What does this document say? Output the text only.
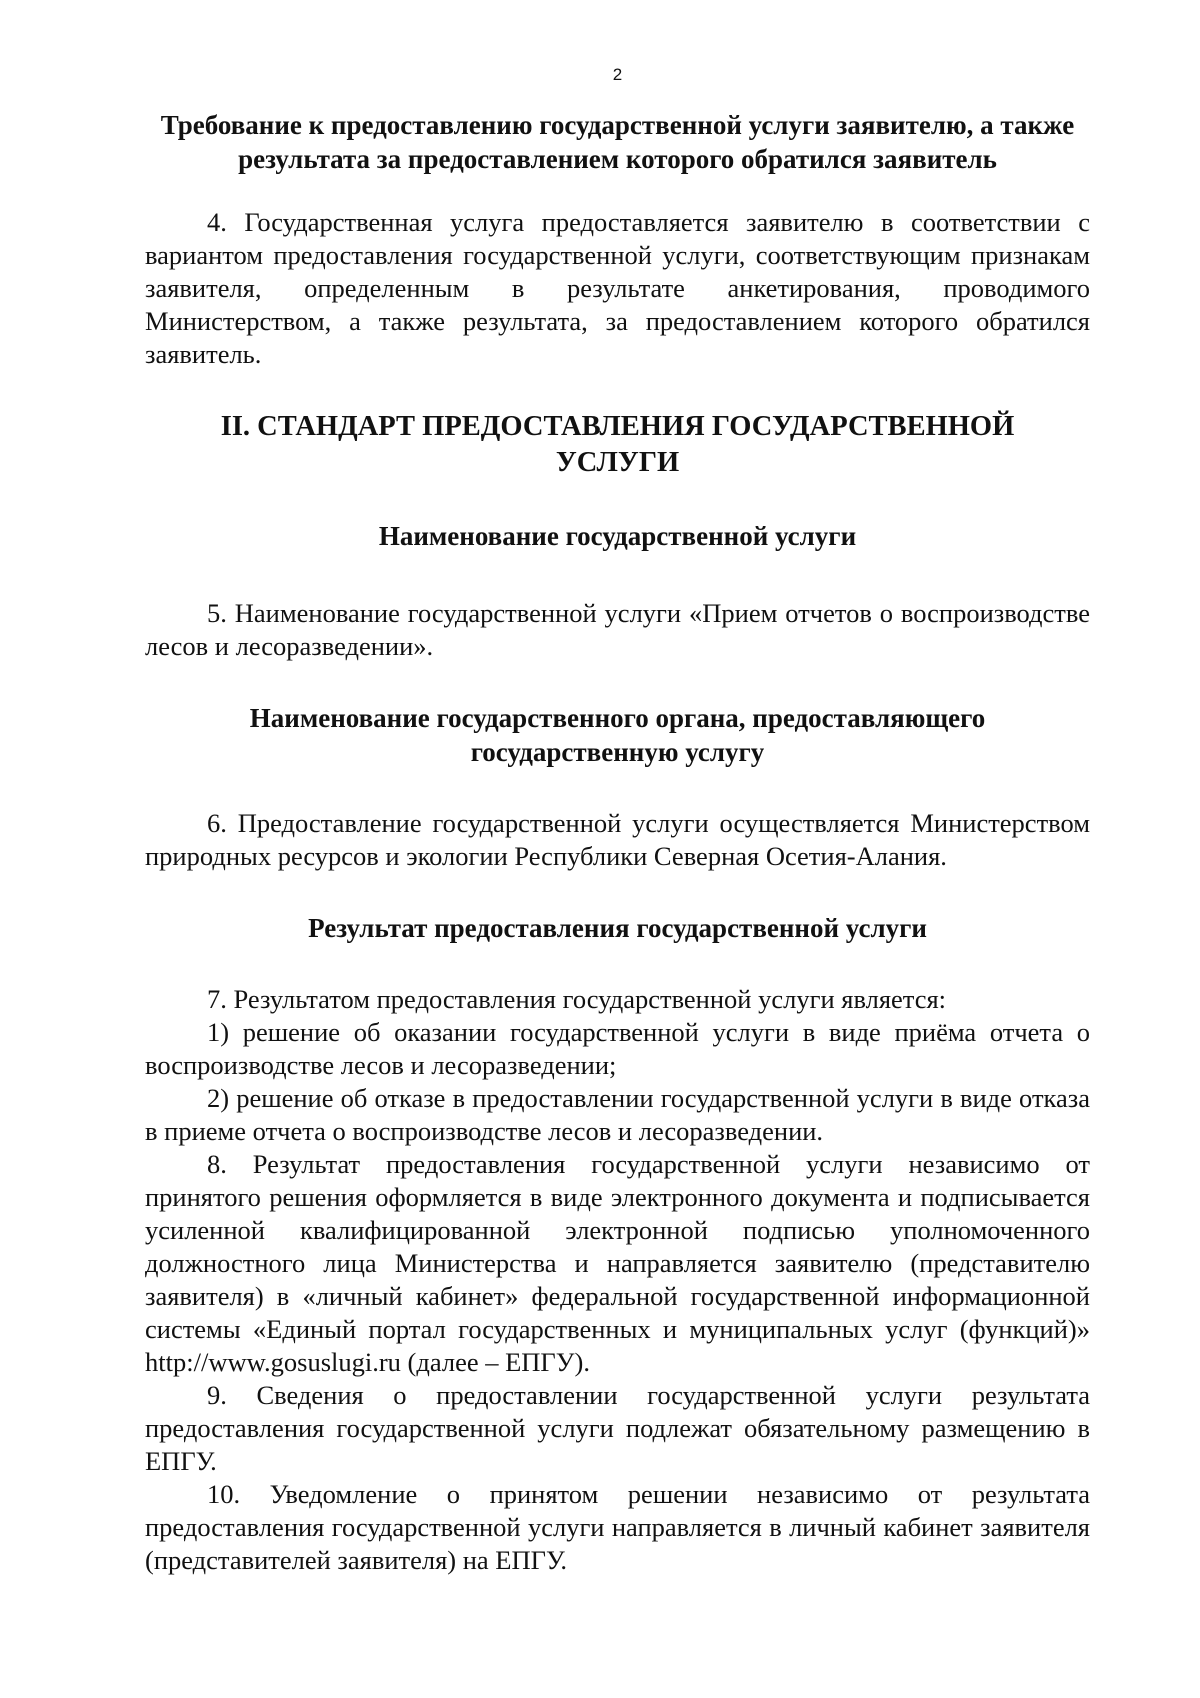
2
Требование к предоставлению государственной услуги заявителю, а также результата за предоставлением которого обратился заявитель

4. Государственная услуга предоставляется заявителю в соответствии с вариантом предоставления государственной услуги, соответствующим признакам заявителя, определенным в результате анкетирования, проводимого Министерством, а также результата, за предоставлением которого обратился заявитель.

II. СТАНДАРТ ПРЕДОСТАВЛЕНИЯ ГОСУДАРСТВЕННОЙ УСЛУГИ
Наименование государственной услуги

5. Наименование государственной услуги «Прием отчетов о воспроизводстве лесов и лесоразведении».

Наименование государственного органа, предоставляющего государственную услугу

6. Предоставление государственной услуги осуществляется Министерством природных ресурсов и экологии Республики Северная Осетия-Алания.

Результат предоставления государственной услуги

7. Результатом предоставления государственной услуги является:

1) решение об оказании государственной услуги в виде приёма отчета о воспроизводстве лесов и лесоразведении;

2) решение об отказе в предоставлении государственной услуги в виде отказа в приеме отчета о воспроизводстве лесов и лесоразведении.

8. Результат предоставления государственной услуги независимо от принятого решения оформляется в виде электронного документа и подписывается усиленной квалифицированной электронной подписью уполномоченного должностного лица Министерства и направляется заявителю (представителю заявителя) в «личный кабинет» федеральной государственной информационной системы «Единый портал государственных и муниципальных услуг (функций)» http://www.gosuslugi.ru (далее – ЕПГУ).

9. Сведения о предоставлении государственной услуги результата предоставления государственной услуги подлежат обязательному размещению в ЕПГУ.

10. Уведомление о принятом решении независимо от результата предоставления государственной услуги направляется в личный кабинет заявителя (представителей заявителя) на ЕПГУ.
